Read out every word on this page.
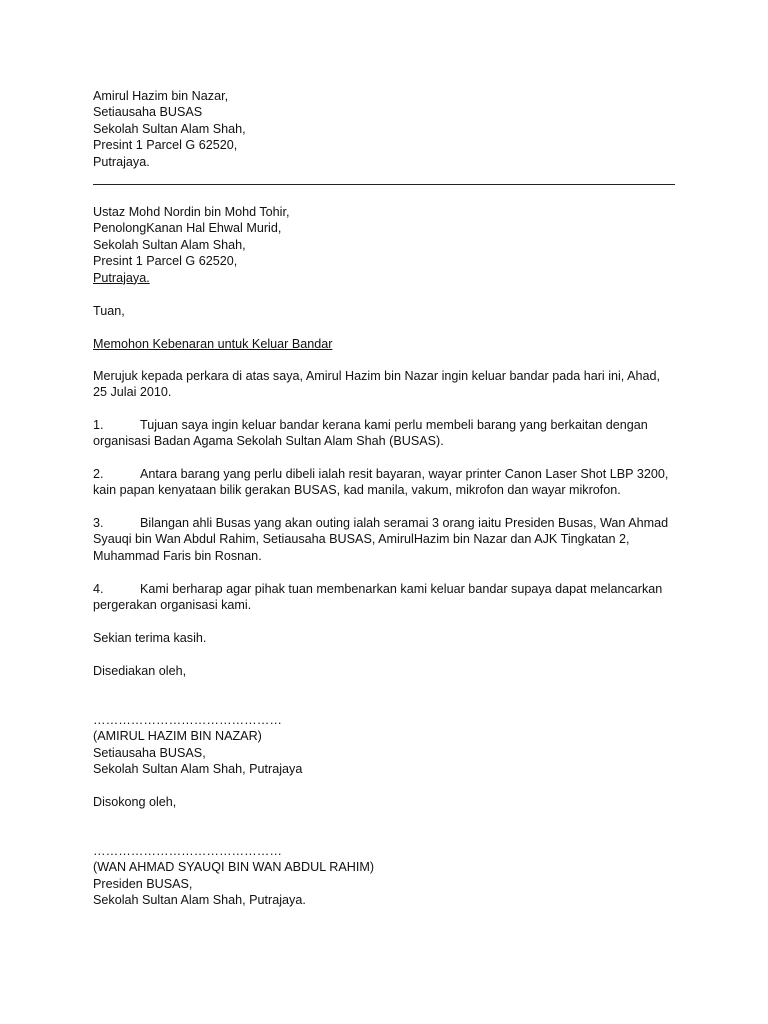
Amirul Hazim bin Nazar,
Setiausaha BUSAS
Sekolah Sultan Alam Shah,
Presint 1 Parcel G 62520,
Putrajaya.
Ustaz Mohd Nordin bin Mohd Tohir,
PenolongKanan Hal Ehwal Murid,
Sekolah Sultan Alam Shah,
Presint 1 Parcel G 62520,
Putrajaya.

Tuan,

Memohon Kebenaran untuk Keluar Bandar

Merujuk kepada perkara di atas saya, Amirul Hazim bin Nazar ingin keluar bandar pada hari ini, Ahad, 25 Julai 2010.

1.	Tujuan saya ingin keluar bandar kerana kami perlu membeli barang yang berkaitan dengan organisasi Badan Agama Sekolah Sultan Alam Shah (BUSAS).

2.	Antara barang yang perlu dibeli ialah resit bayaran, wayar printer Canon Laser Shot LBP 3200, kain papan kenyataan bilik gerakan BUSAS, kad manila, vakum, mikrofon dan wayar mikrofon.

3.	Bilangan ahli Busas yang akan outing ialah seramai 3 orang iaitu Presiden Busas, Wan Ahmad Syauqi bin Wan Abdul Rahim, Setiausaha BUSAS, AmirulHazim bin Nazar dan AJK Tingkatan 2, Muhammad Faris bin Rosnan.

4.	Kami berharap agar pihak tuan membenarkan kami keluar bandar supaya dapat melancarkan pergerakan organisasi kami.

Sekian terima kasih.

Disediakan oleh,

………………………………………
(AMIRUL HAZIM BIN NAZAR)
Setiausaha BUSAS,
Sekolah Sultan Alam Shah, Putrajaya

Disokong oleh,

………………………………………
(WAN AHMAD SYAUQI BIN WAN ABDUL RAHIM)
Presiden BUSAS,
Sekolah Sultan Alam Shah, Putrajaya.
